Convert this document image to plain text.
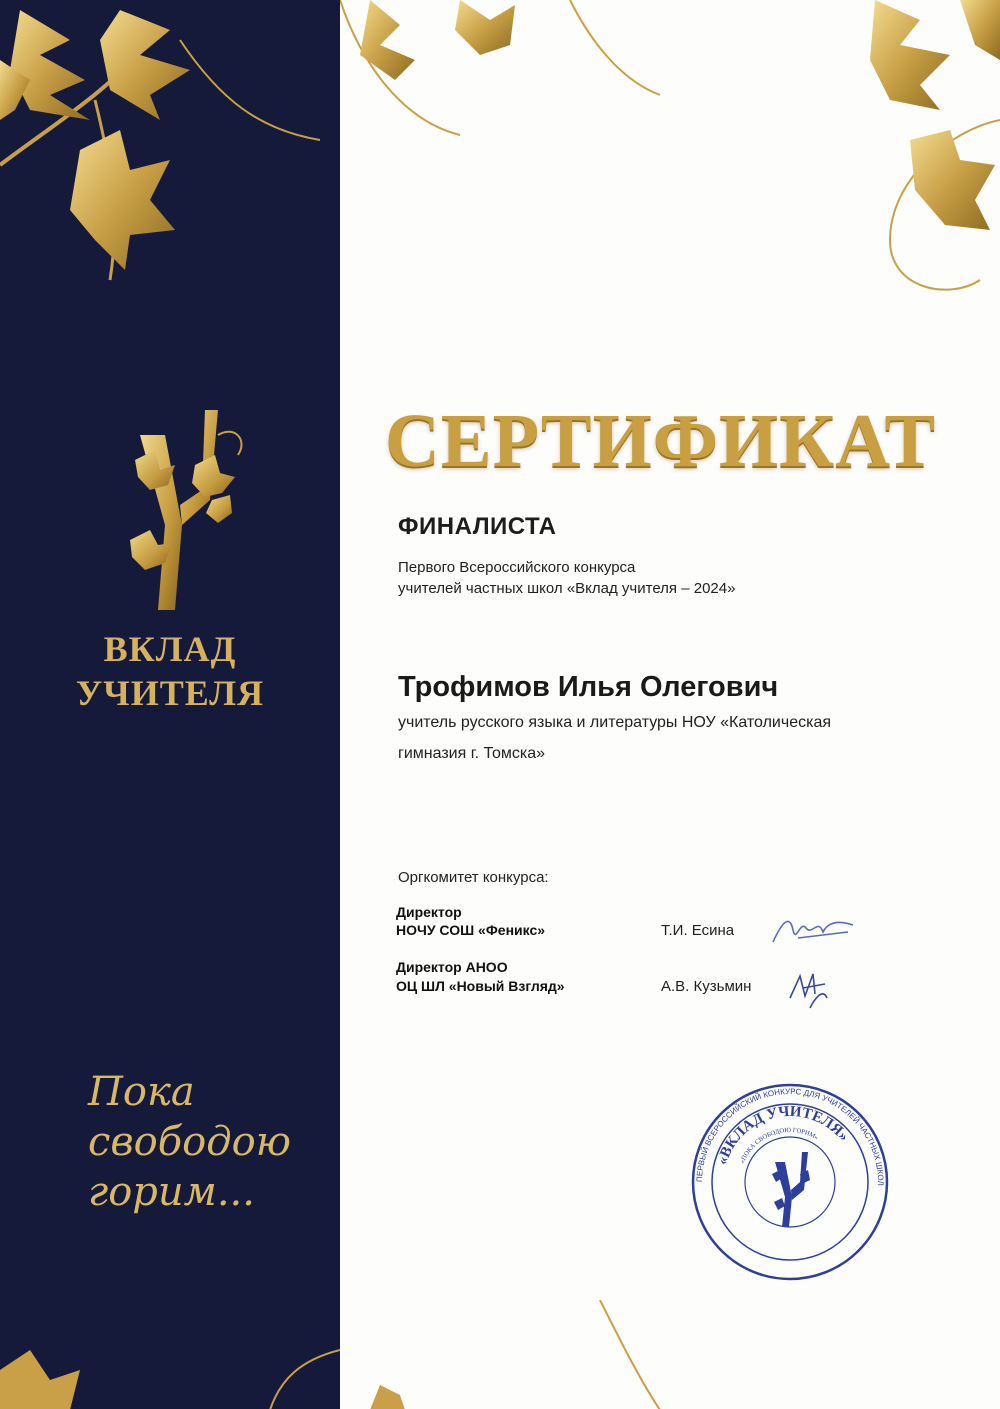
ВКЛАД
УЧИТЕЛЯ
Пока
свободою
горим...
СЕРТИФИКАТ
ФИНАЛИСТА
Первого Всероссийского конкурса
учителей частных школ «Вклад учителя – 2024»
Трофимов Илья Олегович
учитель русского языка и литературы НОУ «Католическая
гимназия г. Томска»
Оргкомитет конкурса:
Директор
НОЧУ СОШ «Феникс»	Т.И. Есина
Директор АНОО
ОЦ ШЛ «Новый Взгляд»	А.В. Кузьмин
ПЕРВЫЙ ВСЕРОССИЙСКИЙ КОНКУРС ДЛЯ УЧИТЕЛЕЙ ЧАСТНЫХ ШКОЛ
«ВКЛАД УЧИТЕЛЯ»
«ПОКА СВОБОДОЮ ГОРИМ»
